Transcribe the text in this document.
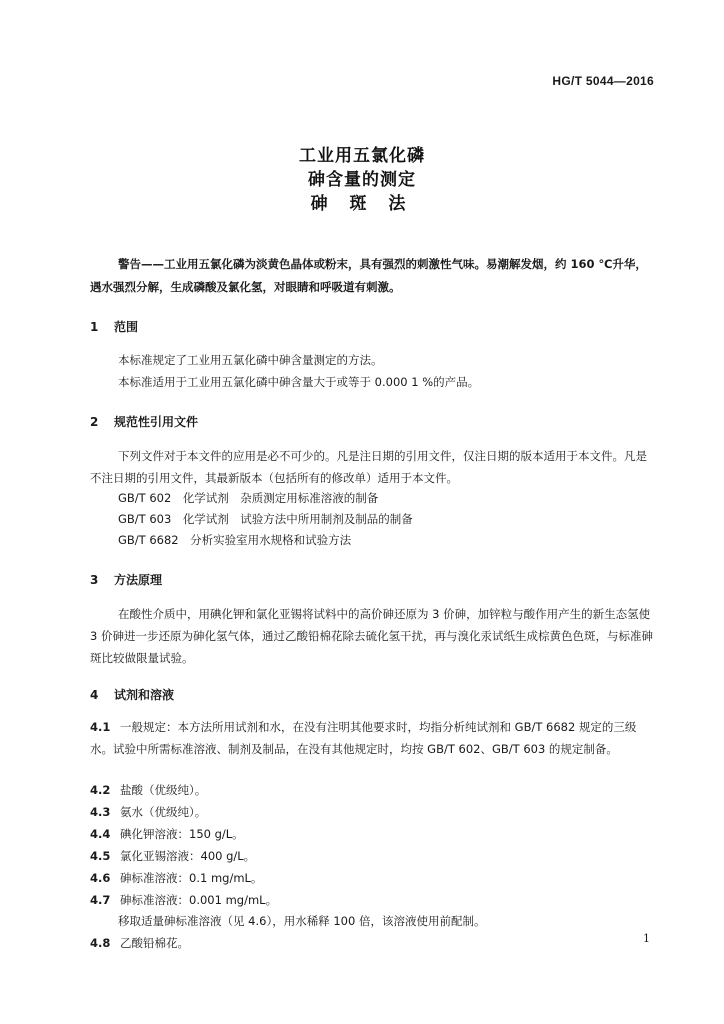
HG/T 5044—2016
工业用五氯化磷
砷含量的测定
砷 斑 法
警告——工业用五氯化磷为淡黄色晶体或粉末，具有强烈的刺激性气味。易潮解发烟，约 160 ℃升华，遇水强烈分解，生成磷酸及氯化氢，对眼睛和呼吸道有刺激。
1 范围
本标准规定了工业用五氯化磷中砷含量测定的方法。
本标准适用于工业用五氯化磷中砷含量大于或等于 0.000 1 %的产品。
2 规范性引用文件
下列文件对于本文件的应用是必不可少的。凡是注日期的引用文件，仅注日期的版本适用于本文件。凡是不注日期的引用文件，其最新版本（包括所有的修改单）适用于本文件。
GB/T 602　 化学试剂　杂质测定用标准溶液的制备
GB/T 603　 化学试剂　试验方法中所用制剂及制品的制备
GB/T 6682　 分析实验室用水规格和试验方法
3 方法原理
在酸性介质中，用碘化钾和氯化亚锡将试料中的高价砷还原为 3 价砷，加锌粒与酸作用产生的新生态氢使 3 价砷进一步还原为砷化氢气体，通过乙酸铅棉花除去硫化氢干扰，再与溴化汞试纸生成棕黄色色斑，与标准砷斑比较做限量试验。
4 试剂和溶液
4.1 一般规定：本方法所用试剂和水，在没有注明其他要求时，均指分析纯试剂和 GB/T 6682 规定的三级水。试验中所需标准溶液、制剂及制品，在没有其他规定时，均按 GB/T 602、GB/T 603 的规定制备。
4.2 盐酸（优级纯）。
4.3 氨水（优级纯）。
4.4 碘化钾溶液：150 g/L。
4.5 氯化亚锡溶液：400 g/L。
4.6 砷标准溶液：0.1 mg/mL。
4.7 砷标准溶液：0.001 mg/mL。
移取适量砷标准溶液（见 4.6），用水稀释 100 倍，该溶液使用前配制。
4.8 乙酸铅棉花。	1
